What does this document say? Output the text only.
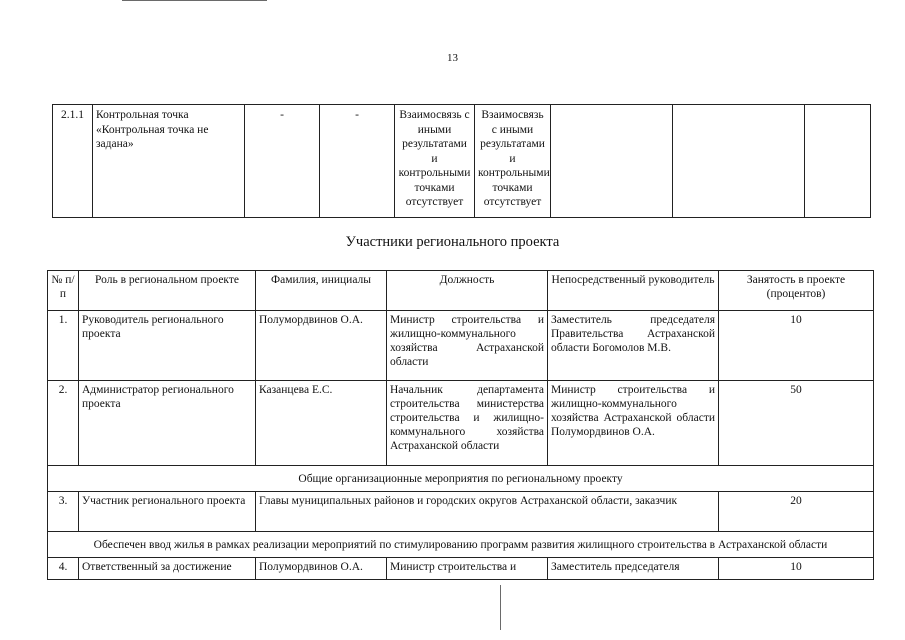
13
2.1.1	Контрольная точка «Контрольная точка не задана»	-	-	Взаимосвязь с иными результатами и контрольными точками отсутствует	Взаимосвязь с иными результатами и контрольными точками отсутствует			
Участники регионального проекта
№ п/п	Роль в региональном проекте	Фамилия, инициалы	Должность	Непосредственный руководитель	Занятость в проекте (процентов)
1.	Руководитель регионального проекта	Полумордвинов О.А.	Министр строительства и жилищно-коммунального хозяйства Астраханской области	Заместитель председателя Правительства Астраханской области Богомолов М.В.	10
2.	Администратор регионального проекта	Казанцева Е.С.	Начальник департамента строительства министерства строительства и жилищно-коммунального хозяйства Астраханской области	Министр строительства и жилищно-коммунального хозяйства Астраханской области Полумордвинов О.А.	50
Общие организационные мероприятия по региональному проекту					
3.	Участник регионального проекта	Главы муниципальных районов и городских округов Астраханской области, заказчик			20
Обеспечен ввод жилья в рамках реализации мероприятий по стимулированию программ развития жилищного строительства в Астраханской области					
4.	Ответственный за достижение	Полумордвинов О.А.	Министр строительства и	Заместитель председателя	10
